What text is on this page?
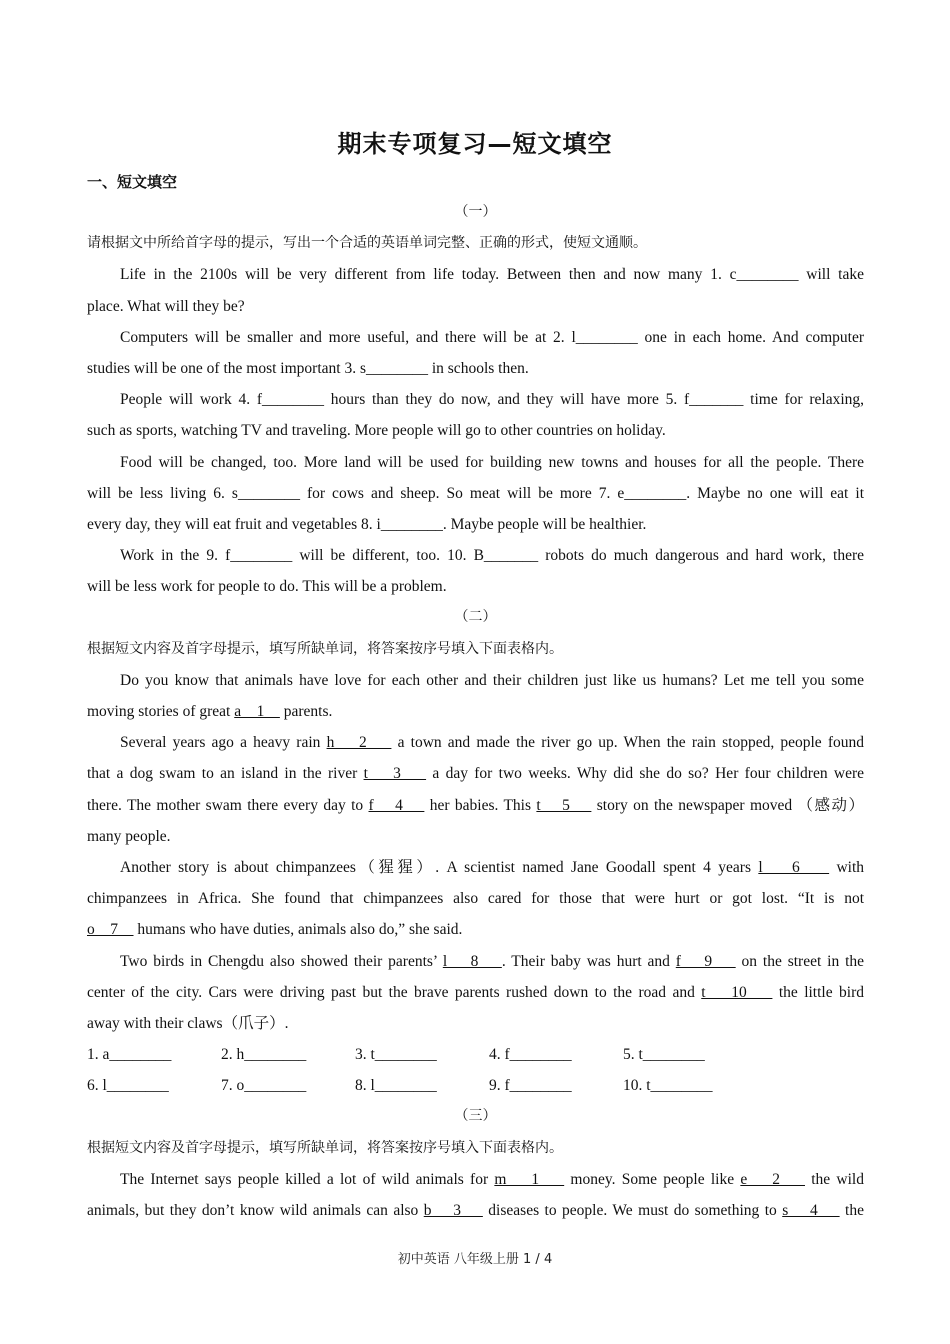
期末专项复习—短文填空
一、短文填空
（一）
请根据文中所给首字母的提示，写出一个合适的英语单词完整、正确的形式，使短文通顺。
Life in the 2100s will be very different from life today. Between then and now many 1. c________ will take
place. What will they be?
Computers will be smaller and more useful, and there will be at 2. l________ one in each home. And computer
studies will be one of the most important 3. s________ in schools then.
People will work 4. f________ hours than they do now, and they will have more 5. f_______ time for relaxing,
such as sports, watching TV and traveling. More people will go to other countries on holiday.
Food will be changed, too. More land will be used for building new towns and houses for all the people. There
will be less living 6. s________ for cows and sheep. So meat will be more 7. e________. Maybe no one will eat it
every day, they will eat fruit and vegetables 8. i________. Maybe people will be healthier.
Work in the 9. f________ will be different, too. 10. B_______ robots do much dangerous and hard work, there
will be less work for people to do. This will be a problem.
（二）
根据短文内容及首字母提示，填写所缺单词，将答案按序号填入下面表格内。
Do you know that animals have love for each other and their children just like us humans? Let me tell you some
moving stories of great a    1     parents.
Several years ago a heavy rain h    2     a town and made the river go up. When the rain stopped, people found
that a dog swam to an island in the river t    3     a day for two weeks. Why did she do so? Her four children were
there. The mother swam there every day to f    4     her babies. This t    5     story on the newspaper moved （感动）
many people.
Another story is about chimpanzees（猩猩）. A scientist named Jane Goodall spent 4 years l    6     with
chimpanzees in Africa. She found that chimpanzees also cared for those that were hurt or got lost. “It is not
o    7     humans who have duties, animals also do,” she said.
Two birds in Chengdu also showed their parents’ l    8    . Their baby was hurt and f    9     on the street in the
center of the city. Cars were driving past but the brave parents rushed down to the road and t    10     the little bird
away with their claws（爪子）.
1. a________	2. h________	3. t________	4. f________	5. t________
6. l________	7. o________	8. l________	9. f________	10. t________
（三）
根据短文内容及首字母提示，填写所缺单词，将答案按序号填入下面表格内。
The Internet says people killed a lot of wild animals for m    1     money. Some people like e    2     the wild
animals, but they don’t know wild animals can also b    3     diseases to people. We must do something to s    4     the
初中英语 八年级上册 1 / 4
